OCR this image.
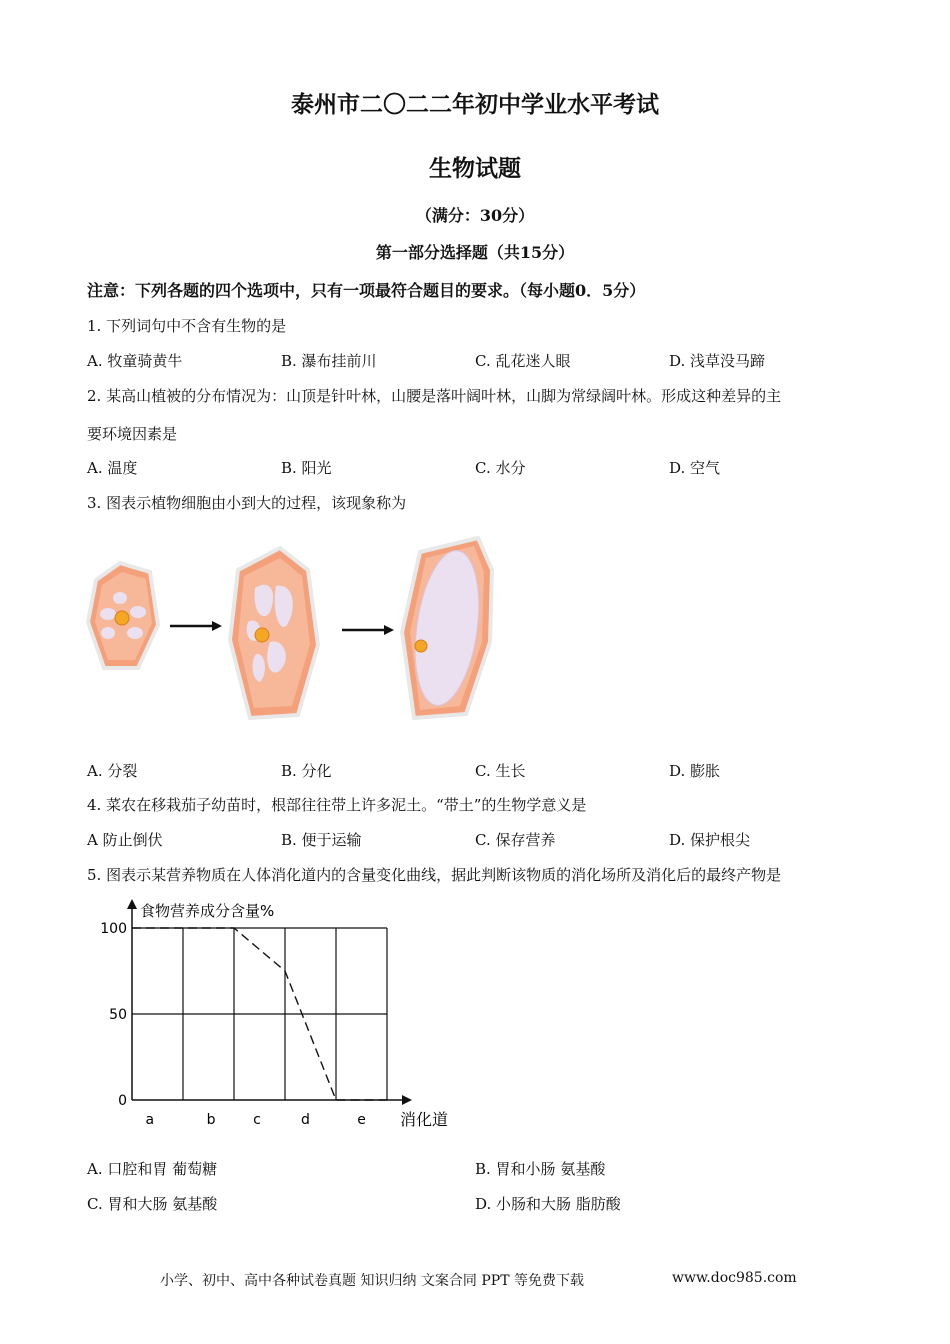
泰州市二〇二二年初中学业水平考试
生物试题
（满分：30分）
第一部分选择题（共15分）
注意：下列各题的四个选项中，只有一项最符合题目的要求。（每小题0．5分）
1. 下列词句中不含有生物的是
A. 牧童骑黄牛	B. 瀑布挂前川	C. 乱花迷人眼	D. 浅草没马蹄
2. 某高山植被的分布情况为：山顶是针叶林，山腰是落叶阔叶林，山脚为常绿阔叶林。形成这种差异的主
要环境因素是
A. 温度	B. 阳光	C. 水分	D. 空气
3. 图表示植物细胞由小到大的过程，该现象称为
A. 分裂	B. 分化	C. 生长	D. 膨胀
4. 菜农在移栽茄子幼苗时，根部往往带上许多泥土。“带土”的生物学意义是
A 防止倒伏	B. 便于运输	C. 保存营养	D. 保护根尖
5. 图表示某营养物质在人体消化道内的含量变化曲线，据此判断该物质的消化场所及消化后的最终产物是
食物营养成分含量%
消化道
100
50
0
a	b	c	d	e
A. 口腔和胃 葡萄糖	B. 胃和小肠 氨基酸
C. 胃和大肠 氨基酸	D. 小肠和大肠 脂肪酸
小学、初中、高中各种试卷真题 知识归纳 文案合同 PPT 等免费下载	www.doc985.com
